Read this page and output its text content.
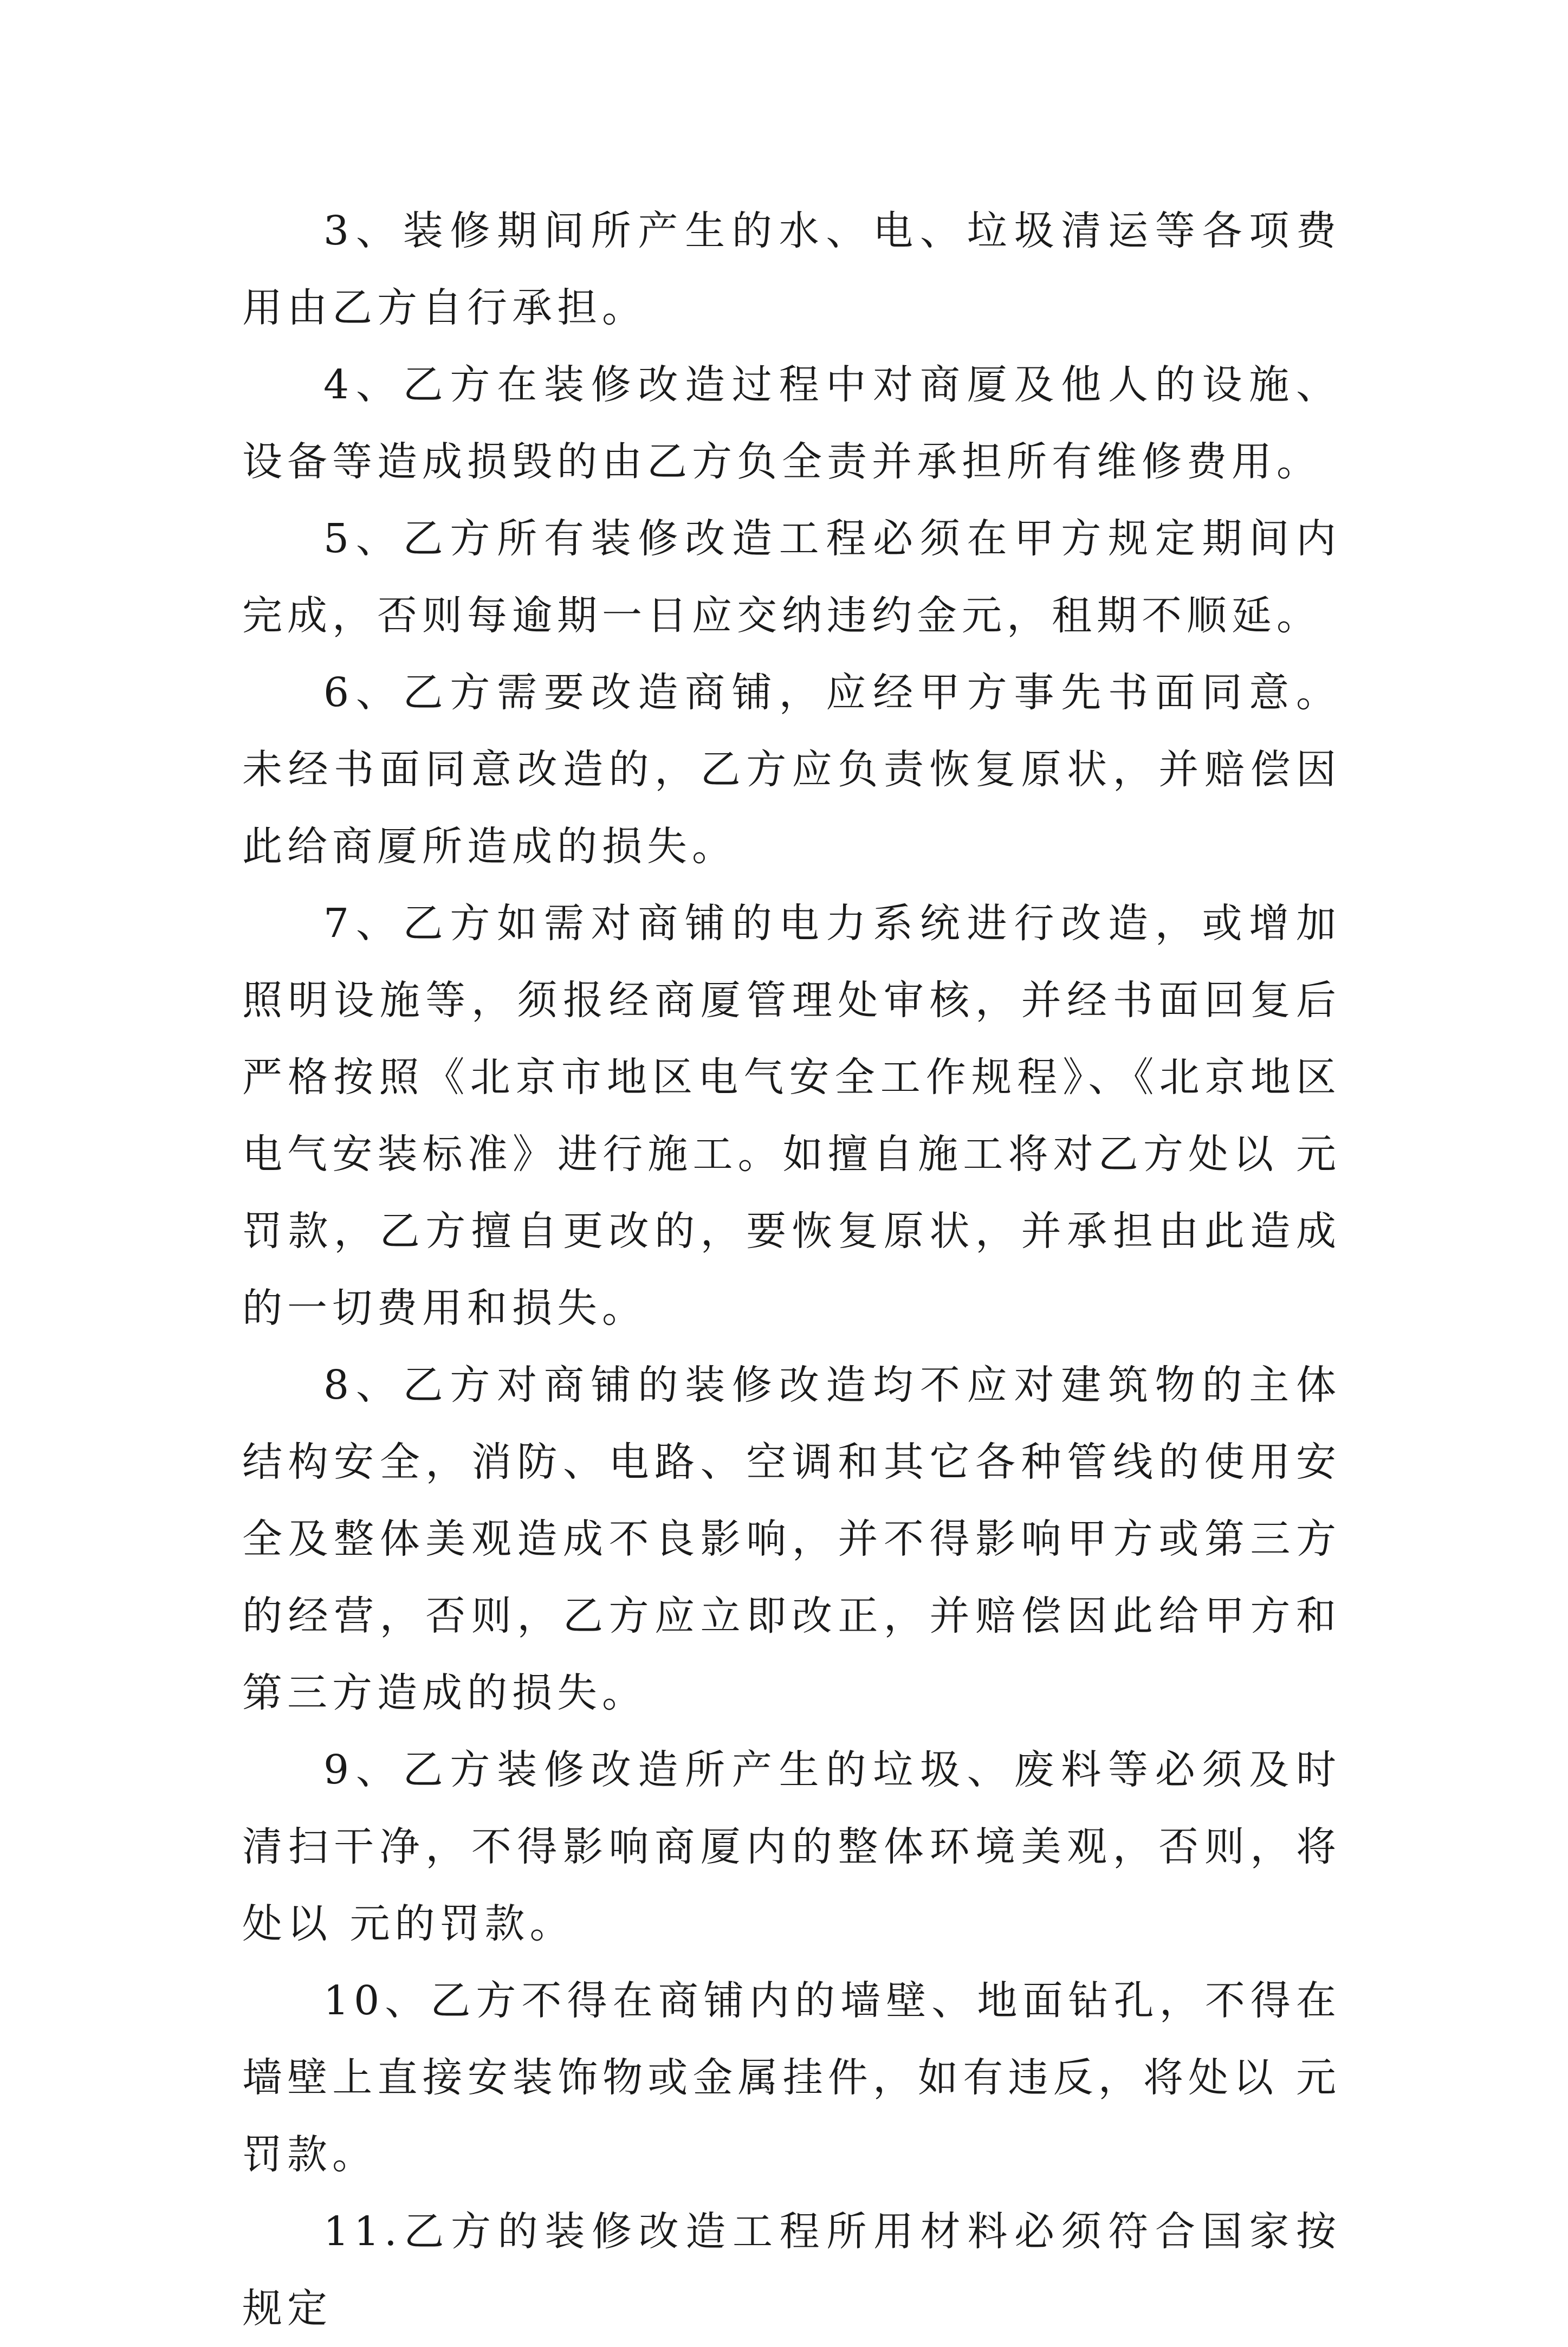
3、装修期间所产生的水、电、垃圾清运等各项费用由乙方自行承担。

4、乙方在装修改造过程中对商厦及他人的设施、设备等造成损毁的由乙方负全责并承担所有维修费用。

5、乙方所有装修改造工程必须在甲方规定期间内完成，否则每逾期一日应交纳违约金元，租期不顺延。

6、乙方需要改造商铺，应经甲方事先书面同意。未经书面同意改造的，乙方应负责恢复原状，并赔偿因此给商厦所造成的损失。

7、乙方如需对商铺的电力系统进行改造，或增加照明设施等，须报经商厦管理处审核，并经书面回复后严格按照《北京市地区电气安全工作规程》、《北京地区电气安装标准》进行施工。如擅自施工将对乙方处以 元罚款，乙方擅自更改的，要恢复原状，并承担由此造成的一切费用和损失。

8、乙方对商铺的装修改造均不应对建筑物的主体结构安全，消防、电路、空调和其它各种管线的使用安全及整体美观造成不良影响，并不得影响甲方或第三方的经营，否则，乙方应立即改正，并赔偿因此给甲方和第三方造成的损失。

9、乙方装修改造所产生的垃圾、废料等必须及时清扫干净，不得影响商厦内的整体环境美观，否则，将处以 元的罚款。

10、乙方不得在商铺内的墙壁、地面钻孔，不得在墙壁上直接安装饰物或金属挂件，如有违反，将处以 元罚款。

11.乙方的装修改造工程所用材料必须符合国家按规定
